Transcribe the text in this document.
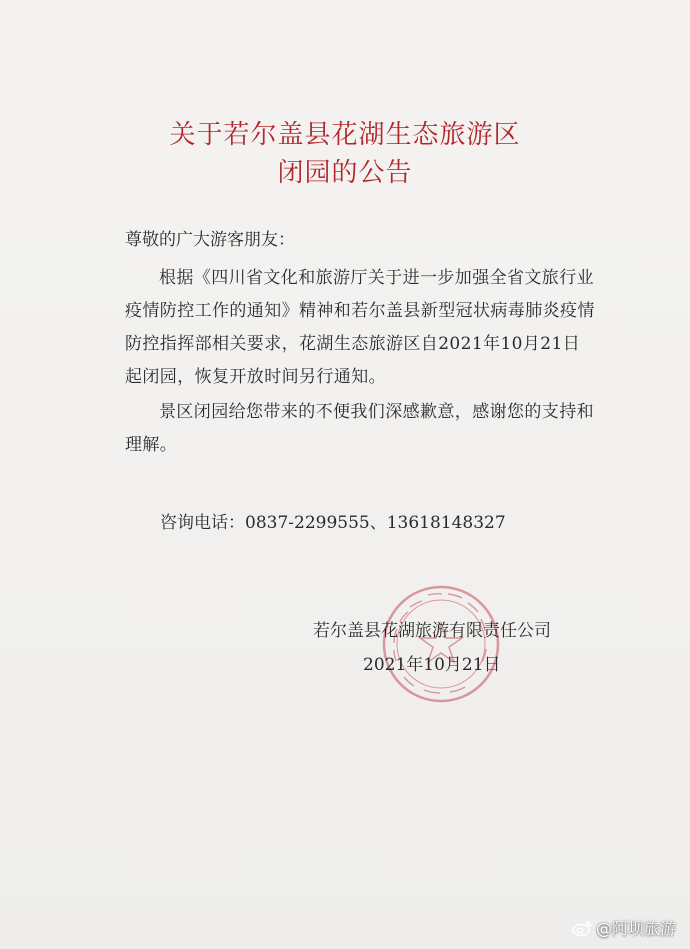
关于若尔盖县花湖生态旅游区
闭园的公告
尊敬的广大游客朋友：

根据《四川省文化和旅游厅关于进一步加强全省文旅行业疫情防控工作的通知》精神和若尔盖县新型冠状病毒肺炎疫情防控指挥部相关要求，花湖生态旅游区自2021年10月21日起闭园，恢复开放时间另行通知。

景区闭园给您带来的不便我们深感歉意，感谢您的支持和理解。

咨询电话：0837-2299555、13618148327
若尔盖县花湖旅游有限责任公司
2021年10月21日
@阿坝旅游
